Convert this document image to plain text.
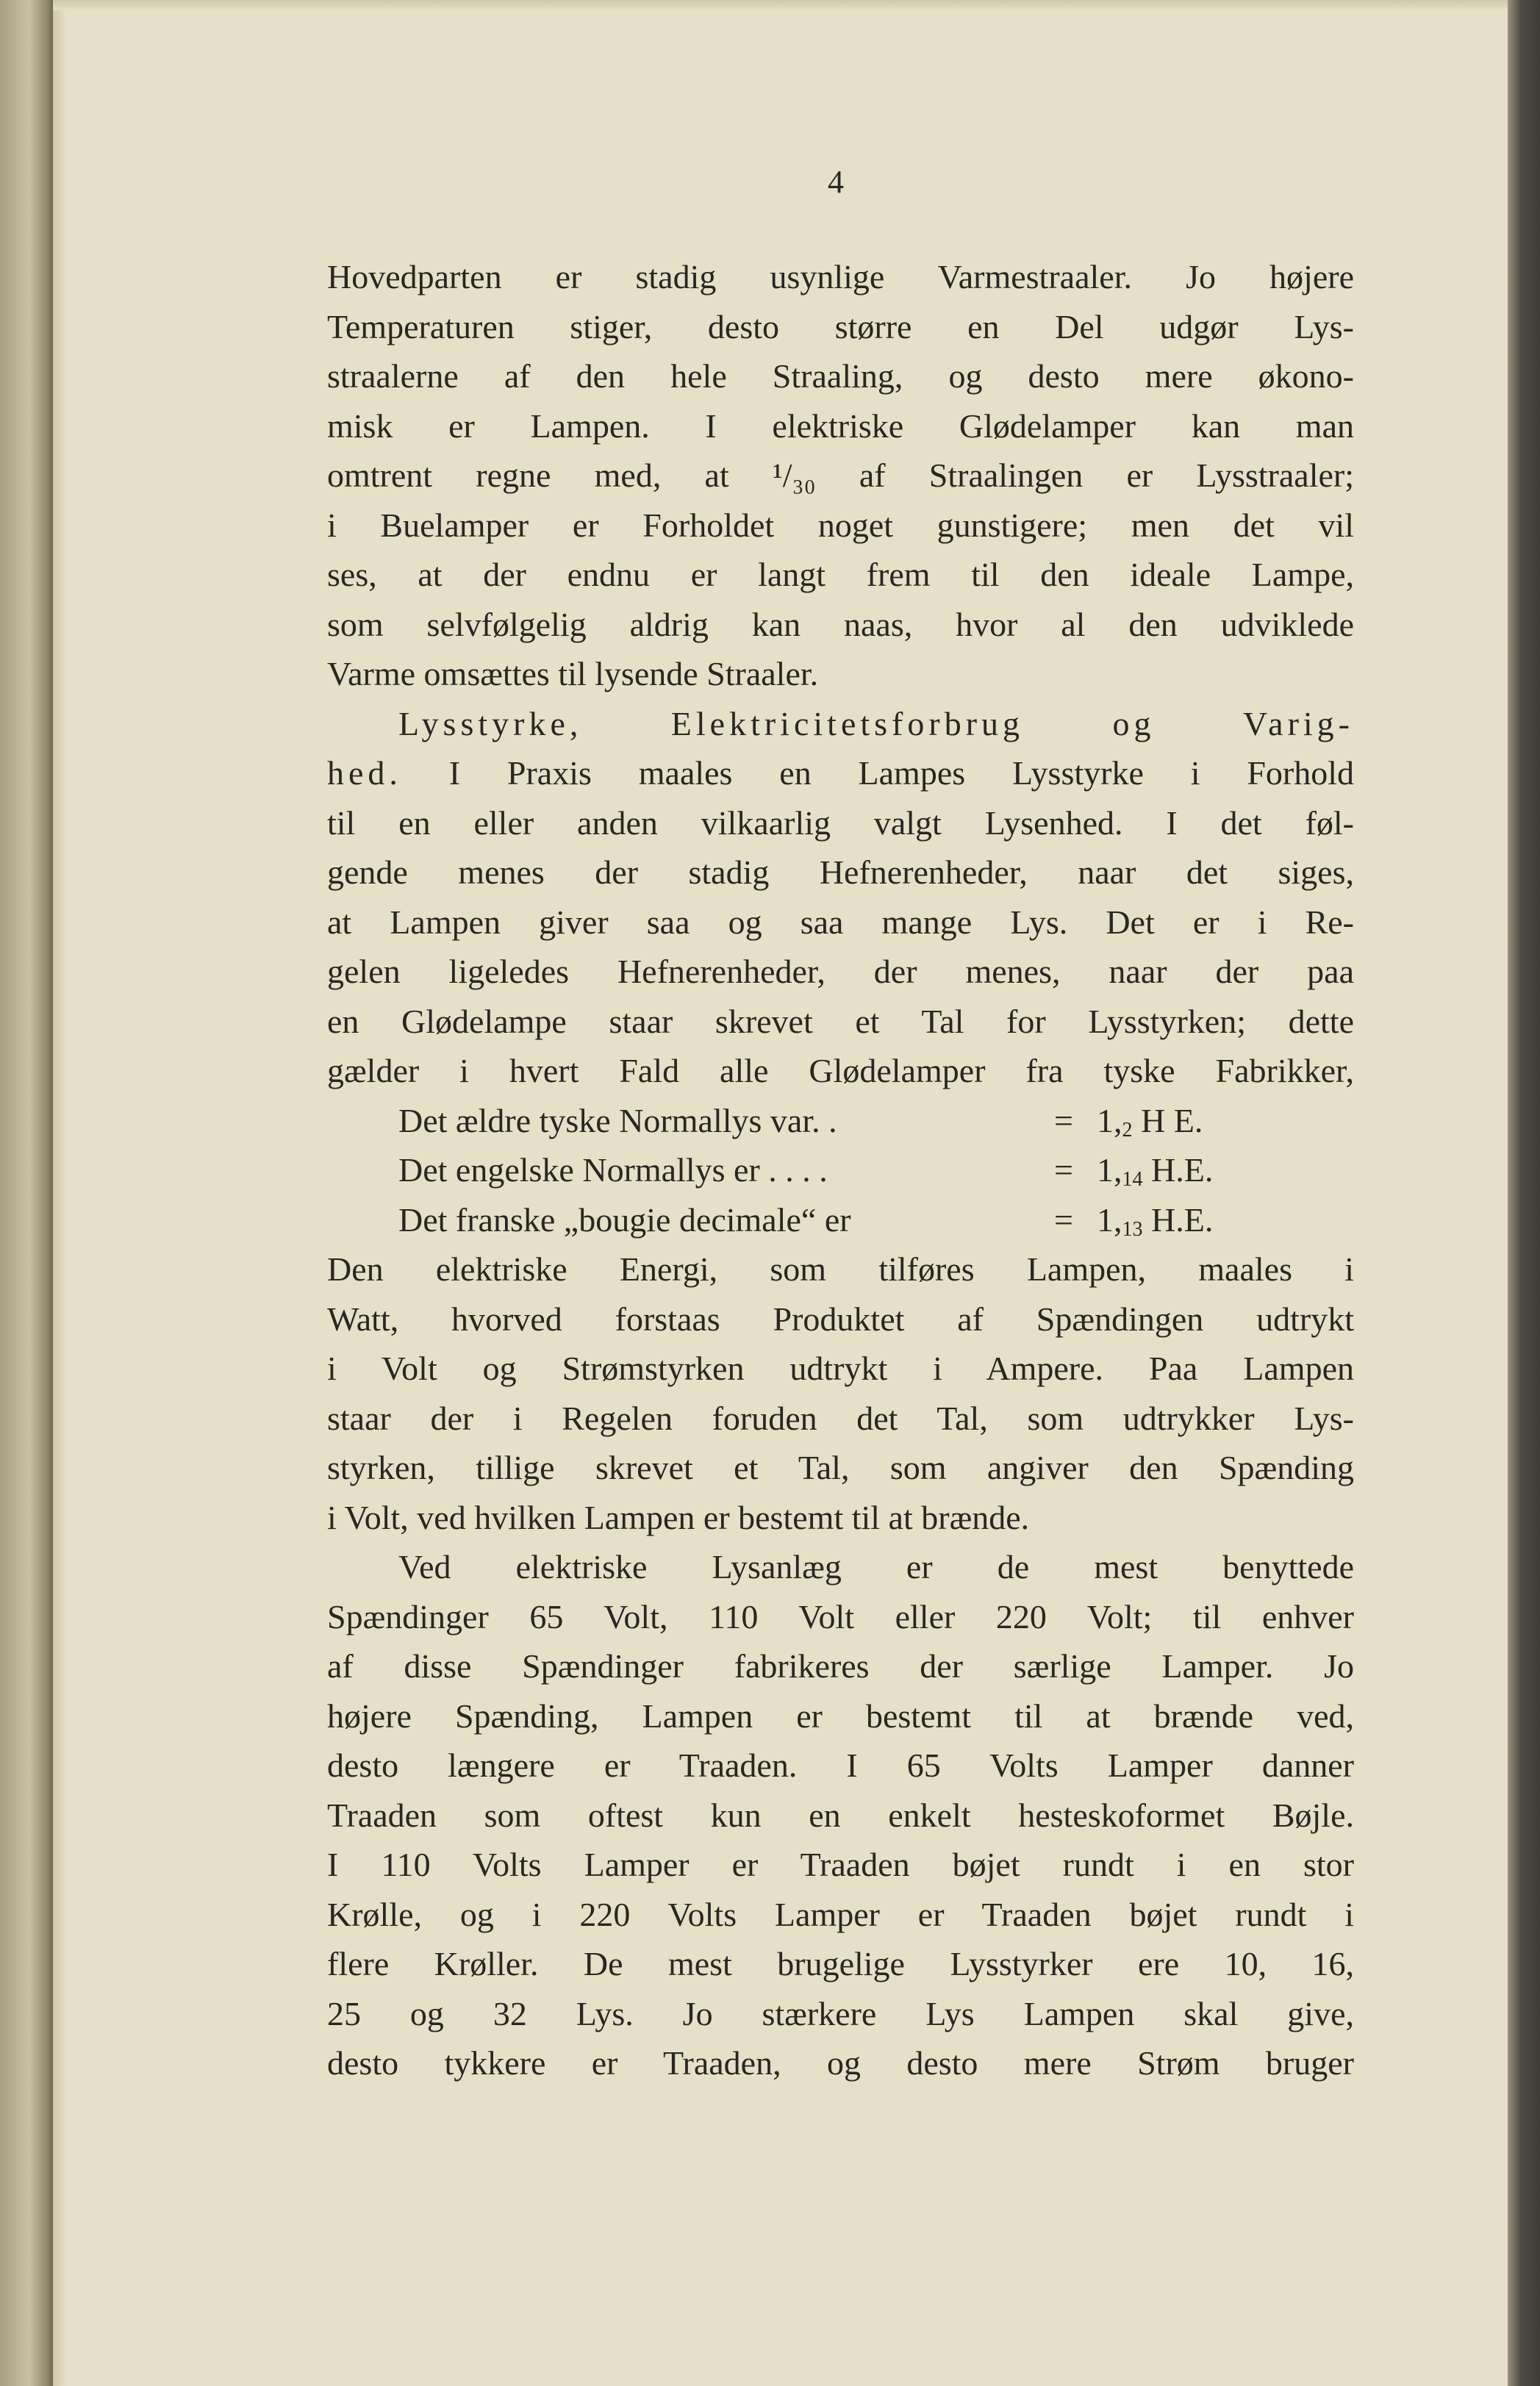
4
Hovedparten er stadig usynlige Varmestraaler. Jo højere
Temperaturen stiger, desto større en Del udgør Lys-
straalerne af den hele Straaling, og desto mere økono-
misk er Lampen. I elektriske Glødelamper kan man
omtrent regne med, at ¹/₃₀ af Straalingen er Lysstraaler;
i Buelamper er Forholdet noget gunstigere; men det vil
ses, at der endnu er langt frem til den ideale Lampe,
som selvfølgelig aldrig kan naas, hvor al den udviklede
Varme omsættes til lysende Straaler.
Lysstyrke, Elektricitetsforbrug og Varig-
hed. I Praxis maales en Lampes Lysstyrke i Forhold
til en eller anden vilkaarlig valgt Lysenhed. I det føl-
gende menes der stadig Hefnerenheder, naar det siges,
at Lampen giver saa og saa mange Lys. Det er i Re-
gelen ligeledes Hefnerenheder, der menes, naar der paa
en Glødelampe staar skrevet et Tal for Lysstyrken; dette
gælder i hvert Fald alle Glødelamper fra tyske Fabrikker,
Det ældre tyske Normallys var. .	= $1,_2$ H E.
Det engelske Normallys er . . . .	= $1,_{14}$ H.E.
Det franske „bougie decimale“ er	= $1,_{13}$ H.E.
Den elektriske Energi, som tilføres Lampen, maales i
Watt, hvorved forstaas Produktet af Spændingen udtrykt
i Volt og Strømstyrken udtrykt i Ampere. Paa Lampen
staar der i Regelen foruden det Tal, som udtrykker Lys-
styrken, tillige skrevet et Tal, som angiver den Spænding
i Volt, ved hvilken Lampen er bestemt til at brænde.
Ved elektriske Lysanlæg er de mest benyttede
Spændinger 65 Volt, 110 Volt eller 220 Volt; til enhver
af disse Spændinger fabrikeres der særlige Lamper. Jo
højere Spænding, Lampen er bestemt til at brænde ved,
desto længere er Traaden. I 65 Volts Lamper danner
Traaden som oftest kun en enkelt hesteskoformet Bøjle.
I 110 Volts Lamper er Traaden bøjet rundt i en stor
Krølle, og i 220 Volts Lamper er Traaden bøjet rundt i
flere Krøller. De mest brugelige Lysstyrker ere 10, 16,
25 og 32 Lys. Jo stærkere Lys Lampen skal give,
desto tykkere er Traaden, og desto mere Strøm bruger
